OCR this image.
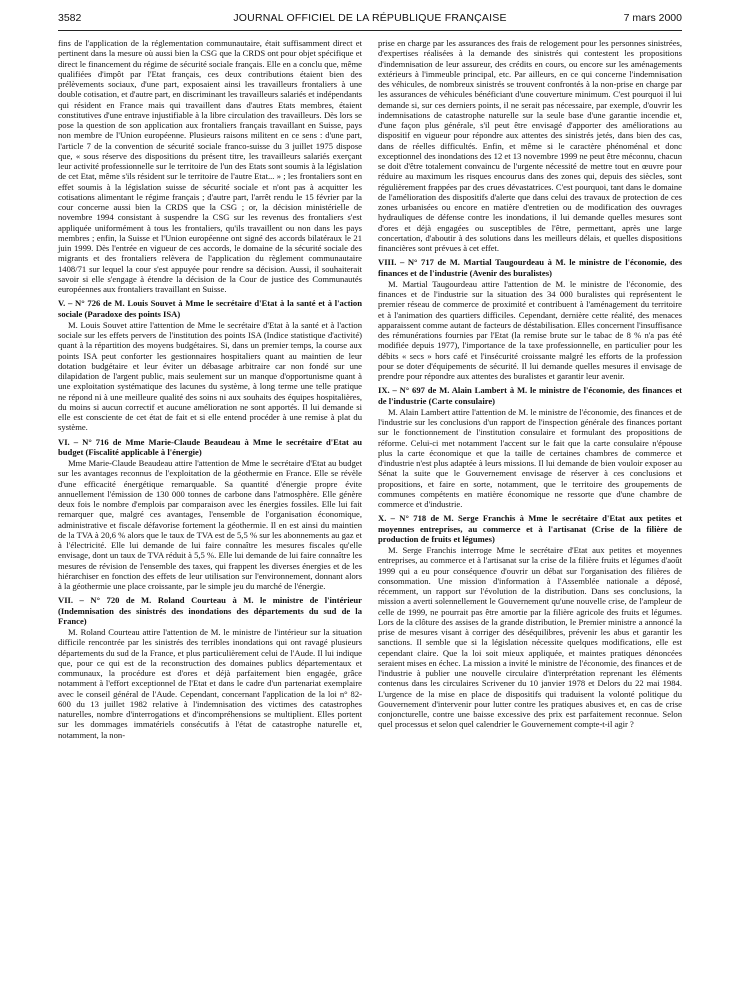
3582	JOURNAL OFFICIEL DE LA RÉPUBLIQUE FRANÇAISE	7 mars 2000

fins de l'application de la réglementation communautaire, était suffisamment direct et pertinent dans la mesure où aussi bien la CSG que la CRDS ont pour objet spécifique et direct le financement du régime de sécurité sociale français. Elle en a conclu que, même qualifiées d'impôt par l'Etat français, ces deux contributions étaient bien des prélèvements sociaux, d'une part, exposaient ainsi les travailleurs frontaliers à une double cotisation, et d'autre part, en discriminant les travailleurs salariés et indépendants qui résident en France mais qui travaillent dans d'autres Etats membres, étaient constitutives d'une entrave injustifiable à la libre circulation des travailleurs. Dès lors se pose la question de son application aux frontaliers français travaillant en Suisse, pays non membre de l'Union européenne. Plusieurs raisons militent en ce sens : d'une part, l'article 7 de la convention de sécurité sociale franco-suisse du 3 juillet 1975 dispose que, « sous réserve des dispositions du présent titre, les travailleurs salariés exerçant leur activité professionnelle sur le territoire de l'un des Etats sont soumis à la législation de cet Etat, même s'ils résident sur le territoire de l'autre Etat... » ; les frontaliers sont en effet soumis à la législation suisse de sécurité sociale et n'ont pas à acquitter les cotisations alimentant le régime français ; d'autre part, l'arrêt rendu le 15 février par la cour concerne aussi bien la CRDS que la CSG ; or, la décision ministérielle de novembre 1994 consistant à suspendre la CSG sur les revenus des frontaliers s'est appliquée uniformément à tous les frontaliers, qu'ils travaillent ou non dans les pays membres ; enfin, la Suisse et l'Union européenne ont signé des accords bilatéraux le 21 juin 1999. Dès l'entrée en vigueur de ces accords, le domaine de la sécurité sociale des migrants et des frontaliers relèvera de l'application du règlement communautaire 1408/71 sur lequel la cour s'est appuyée pour rendre sa décision. Aussi, il souhaiterait savoir si elle s'engage à étendre la décision de la Cour de justice des Communautés européennes aux frontaliers travaillant en Suisse.

V. – N° 726 de M. Louis Souvet à Mme le secrétaire d'Etat à la santé et à l'action sociale (Paradoxe des points ISA)

M. Louis Souvet attire l'attention de Mme le secrétaire d'Etat à la santé et à l'action sociale sur les effets pervers de l'institution des points ISA (Indice statistique d'activité) quant à la répartition des moyens budgétaires. Si, dans un premier temps, la course aux points ISA peut conforter les gestionnaires hospitaliers quant au maintien de leur dotation budgétaire et leur éviter un débasage arbitraire car non fondé sur une dilapidation de l'argent public, mais seulement sur un manque d'opportunisme quant à une exploitation systématique des lacunes du système, à long terme une telle pratique ne répond ni à une meilleure qualité des soins ni aux souhaits des équipes hospitalières, du moins si aucun correctif et aucune amélioration ne sont apportés. Il lui demande si elle est consciente de cet état de fait et si elle entend procéder à une remise à plat du système.

VI. – N° 716 de Mme Marie-Claude Beaudeau à Mme le secrétaire d'Etat au budget (Fiscalité applicable à l'énergie)

Mme Marie-Claude Beaudeau attire l'attention de Mme le secrétaire d'Etat au budget sur les avantages reconnus de l'exploitation de la géothermie en France. Elle se révèle d'une efficacité énergétique remarquable. Sa quantité d'énergie propre évite annuellement l'émission de 130 000 tonnes de carbone dans l'atmosphère. Elle génère deux fois le nombre d'emplois par comparaison avec les énergies fossiles. Elle lui fait remarquer que, malgré ces avantages, l'ensemble de l'organisation économique, administrative et fiscale défavorise fortement la géothermie. Il en est ainsi du maintien de la TVA à 20,6 % alors que le taux de TVA est de 5,5 % sur les abonnements au gaz et à l'électricité. Elle lui demande de lui faire connaître les mesures fiscales qu'elle envisage, dont un taux de TVA réduit à 5,5 %. Elle lui demande de lui faire connaître les mesures de révision de l'ensemble des taxes, qui frappent les diverses énergies et de les hiérarchiser en fonction des effets de leur utilisation sur l'environnement, donnant alors à la géothermie une place croissante, par le simple jeu du marché de l'énergie.

VII. – N° 720 de M. Roland Courteau à M. le ministre de l'intérieur (Indemnisation des sinistrés des inondations des départements du sud de la France)

M. Roland Courteau attire l'attention de M. le ministre de l'intérieur sur la situation difficile rencontrée par les sinistrés des terribles inondations qui ont ravagé plusieurs départements du sud de la France, et plus particulièrement celui de l'Aude. Il lui indique que, pour ce qui est de la reconstruction des domaines publics départementaux et communaux, la procédure est d'ores et déjà parfaitement bien engagée, grâce notamment à l'effort exceptionnel de l'Etat et dans le cadre d'un partenariat exemplaire avec le conseil général de l'Aude. Cependant, concernant l'application de la loi n° 82-600 du 13 juillet 1982 relative à l'indemnisation des victimes des catastrophes naturelles, nombre d'interrogations et d'incompréhensions se multiplient. Elles portent sur les dommages immatériels consécutifs à l'état de catastrophe naturelle et, notamment, la non-

prise en charge par les assurances des frais de relogement pour les personnes sinistrées, d'expertises réalisées à la demande des sinistrés qui contestent les propositions d'indemnisation de leur assureur, des crédits en cours, ou encore sur les aménagements extérieurs à l'immeuble principal, etc. Par ailleurs, en ce qui concerne l'indemnisation des véhicules, de nombreux sinistrés se trouvent confrontés à la non-prise en charge par les assurances de véhicules bénéficiant d'une couverture minimum. C'est pourquoi il lui demande si, sur ces derniers points, il ne serait pas nécessaire, par exemple, d'ouvrir les indemnisations de catastrophe naturelle sur la seule base d'une garantie incendie et, d'une façon plus générale, s'il peut être envisagé d'apporter des améliorations au dispositif en vigueur pour répondre aux attentes des sinistrés jetés, dans bien des cas, dans de réelles difficultés. Enfin, et même si le caractère phénoménal et donc exceptionnel des inondations des 12 et 13 novembre 1999 ne peut être méconnu, chacun se doit d'être totalement convaincu de l'urgente nécessité de mettre tout en œuvre pour réduire au maximum les risques encourus dans des zones qui, depuis des siècles, sont régulièrement frappées par des crues dévastatrices. C'est pourquoi, tant dans le domaine de l'amélioration des dispositifs d'alerte que dans celui des travaux de protection de ces zones urbanisées ou encore en matière d'entretien ou de modification des ouvrages hydrauliques de défense contre les inondations, il lui demande quelles mesures sont d'ores et déjà engagées ou susceptibles de l'être, permettant, après une large concertation, d'aboutir à des solutions dans les meilleurs délais, et quelles dispositions financières sont prévues à cet effet.

VIII. – N° 717 de M. Martial Taugourdeau à M. le ministre de l'économie, des finances et de l'industrie (Avenir des buralistes)

M. Martial Taugourdeau attire l'attention de M. le ministre de l'économie, des finances et de l'industrie sur la situation des 34 000 buralistes qui représentent le premier réseau de commerce de proximité et contribuent à l'aménagement du territoire et à l'animation des quartiers difficiles. Cependant, dernière cette réalité, des menaces apparaissent comme autant de facteurs de déstabilisation. Elles concernent l'insuffisance des rémunérations fournies par l'Etat (la remise brute sur le tabac de 8 % n'a pas été modifiée depuis 1977), l'importance de la taxe professionnelle, en particulier pour les débits « secs » hors café et l'insécurité croissante malgré les efforts de la profession pour se doter d'équipements de sécurité. Il lui demande quelles mesures il envisage de prendre pour répondre aux attentes des buralistes et garantir leur avenir.

IX. – N° 697 de M. Alain Lambert à M. le ministre de l'économie, des finances et de l'industrie (Carte consulaire)

M. Alain Lambert attire l'attention de M. le ministre de l'économie, des finances et de l'industrie sur les conclusions d'un rapport de l'inspection générale des finances portant sur le fonctionnement de l'institution consulaire et formulant des propositions de réforme. Celui-ci met notamment l'accent sur le fait que la carte consulaire n'épouse plus la carte économique et que la taille de certaines chambres de commerce et d'industrie n'est plus adaptée à leurs missions. Il lui demande de bien vouloir exposer au Sénat la suite que le Gouvernement envisage de réserver à ces conclusions et propositions, et faire en sorte, notamment, que le territoire des groupements de communes compétents en matière économique ne ressorte que d'une chambre de commerce et d'industrie.

X. – N° 718 de M. Serge Franchis à Mme le secrétaire d'Etat aux petites et moyennes entreprises, au commerce et à l'artisanat (Crise de la filière de production de fruits et légumes)

M. Serge Franchis interroge Mme le secrétaire d'Etat aux petites et moyennes entreprises, au commerce et à l'artisanat sur la crise de la filière fruits et légumes d'août 1999 qui a eu pour conséquence d'ouvrir un débat sur l'organisation des filières de consommation. Une mission d'information à l'Assemblée nationale a déposé, récemment, un rapport sur l'évolution de la distribution. Dans ses conclusions, la mission a averti solennellement le Gouvernement qu'une nouvelle crise, de l'ampleur de celle de 1999, ne pourrait pas être amortie par la filière agricole des fruits et légumes. Lors de la clôture des assises de la grande distribution, le Premier ministre a annoncé la prise de mesures visant à corriger des déséquilibres, prévenir les abus et garantir les sanctions. Il semble que si la législation nécessite quelques modifications, elle est cependant claire. Que la loi soit mieux appliquée, et maintes pratiques dénoncées seraient mises en échec. La mission a invité le ministre de l'économie, des finances et de l'industrie à publier une nouvelle circulaire d'interprétation reprenant les éléments contenus dans les circulaires Scrivener du 10 janvier 1978 et Delors du 22 mai 1984. L'urgence de la mise en place de dispositifs qui traduisent la volonté politique du Gouvernement d'intervenir pour lutter contre les pratiques abusives et, en cas de crise conjoncturelle, contre une baisse excessive des prix est parfaitement reconnue. Selon quel processus et selon quel calendrier le Gouvernement compte-t-il agir ?
